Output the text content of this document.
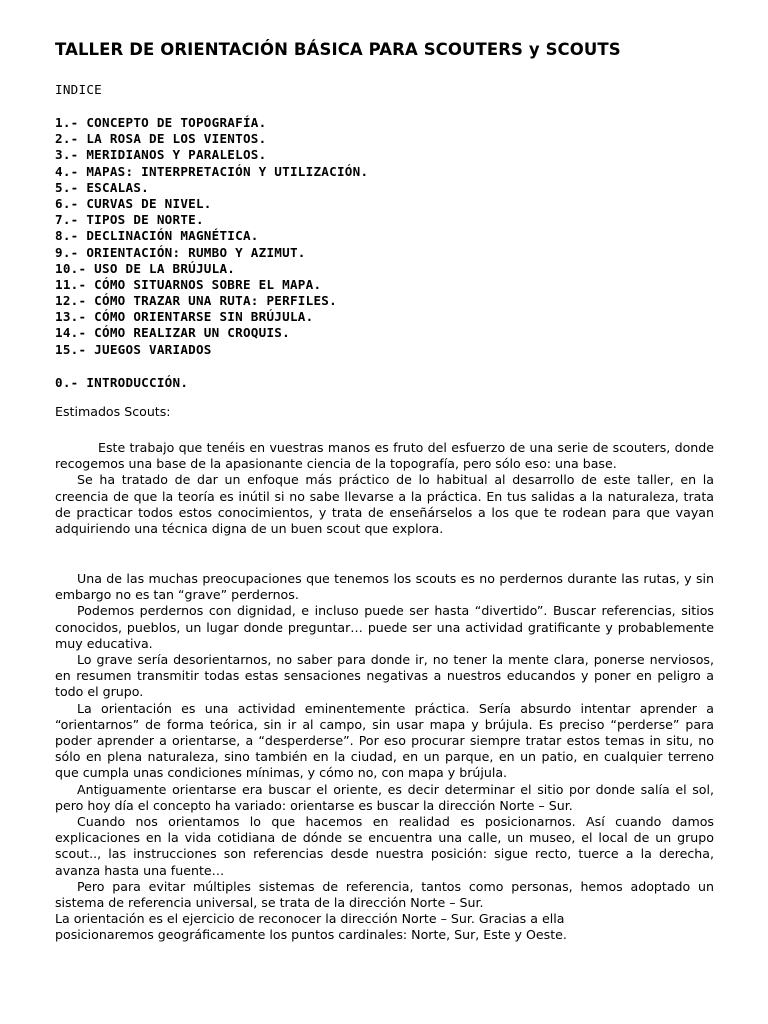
TALLER DE ORIENTACIÓN BÁSICA PARA SCOUTERS y SCOUTS
INDICE
1.- CONCEPTO DE TOPOGRAFÍA.
2.- LA ROSA DE LOS VIENTOS.
3.- MERIDIANOS Y PARALELOS.
4.- MAPAS: INTERPRETACIÓN Y UTILIZACIÓN.
5.- ESCALAS.
6.- CURVAS DE NIVEL.
7.- TIPOS DE NORTE.
8.- DECLINACIÓN MAGNÉTICA.
9.- ORIENTACIÓN: RUMBO Y AZIMUT.
10.- USO DE LA BRÚJULA.
11.- CÓMO SITUARNOS SOBRE EL MAPA.
12.- CÓMO TRAZAR UNA RUTA: PERFILES.
13.- CÓMO ORIENTARSE SIN BRÚJULA.
14.- CÓMO REALIZAR UN CROQUIS.
15.- JUEGOS VARIADOS
0.- INTRODUCCIÓN.
Estimados Scouts:

Este trabajo que tenéis en vuestras manos es fruto del esfuerzo de una serie de scouters, donde recogemos una base de la apasionante ciencia de la topografía, pero sólo eso: una base.

Se ha tratado de dar un enfoque más práctico de lo habitual al desarrollo de este taller, en la creencia de que la teoría es inútil si no sabe llevarse a la práctica. En tus salidas a la naturaleza, trata de practicar todos estos conocimientos, y trata de enseñárselos a los que te rodean para que vayan adquiriendo una técnica digna de un buen scout que explora.

Una de las muchas preocupaciones que tenemos los scouts es no perdernos durante las rutas, y sin embargo no es tan “grave” perdernos.

Podemos perdernos con dignidad, e incluso puede ser hasta “divertido”. Buscar referencias, sitios conocidos, pueblos, un lugar donde preguntar… puede ser una actividad gratificante y probablemente muy educativa.

Lo grave sería desorientarnos, no saber para donde ir, no tener la mente clara, ponerse nerviosos, en resumen transmitir todas estas sensaciones negativas a nuestros educandos y poner en peligro a todo el grupo.

La orientación es una actividad eminentemente práctica. Sería absurdo intentar aprender a “orientarnos” de forma teórica, sin ir al campo, sin usar mapa y brújula. Es preciso “perderse” para poder aprender a orientarse, a “desperderse”. Por eso procurar siempre tratar estos temas in situ, no sólo en plena naturaleza, sino también en la ciudad, en un parque, en un patio, en cualquier terreno que cumpla unas condiciones mínimas, y cómo no, con mapa y brújula.

Antiguamente orientarse era buscar el oriente, es decir determinar el sitio por donde salía el sol, pero hoy día el concepto ha variado: orientarse es buscar la dirección Norte – Sur.

Cuando nos orientamos lo que hacemos en realidad es posicionarnos. Así cuando damos explicaciones en la vida cotidiana de dónde se encuentra una calle, un museo, el local de un grupo scout.., las instrucciones son referencias desde nuestra posición: sigue recto, tuerce a la derecha, avanza hasta una fuente…

Pero para evitar múltiples sistemas de referencia, tantos como personas, hemos adoptado un sistema de referencia universal, se trata de la dirección Norte – Sur.

La orientación es el ejercicio de reconocer la dirección Norte – Sur. Gracias a ella

posicionaremos geográficamente los puntos cardinales: Norte, Sur, Este y Oeste.
